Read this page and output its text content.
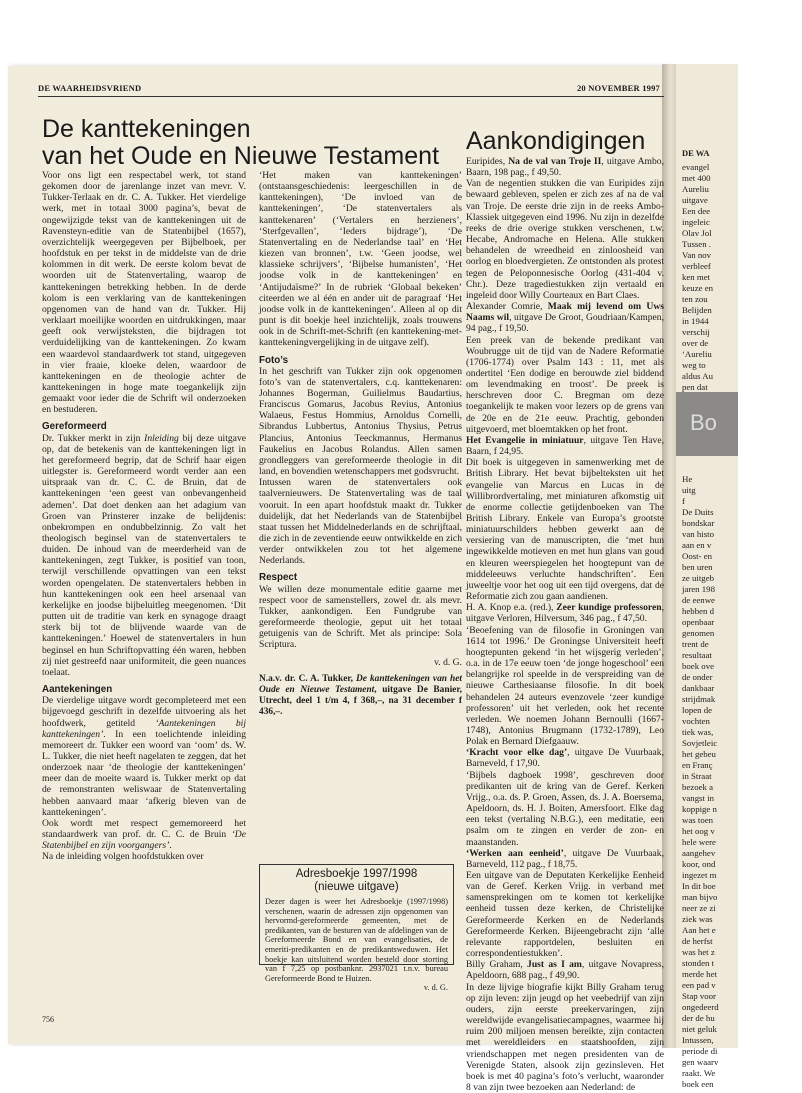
DE WAARHEIDSVRIEND	20 NOVEMBER 1997
De kanttekeningen
van het Oude en Nieuwe Testament

Voor ons ligt een respectabel werk, tot stand gekomen door de jarenlange inzet van mevr. V. Tukker-Terlaak en dr. C. A. Tukker. Het vierdelige werk, met in totaal 3000 pagina’s, bevat de ongewijzigde tekst van de kanttekeningen uit de Ravensteyn-editie van de Statenbijbel (1657), overzichtelijk weergegeven per Bijbelboek, per hoofdstuk en per tekst in de middelste van de drie kolommen in dit werk. De eerste kolom bevat de woorden uit de Statenvertaling, waarop de kanttekeningen betrekking hebben. In de derde kolom is een verklaring van de kanttekeningen opgenomen van de hand van dr. Tukker. Hij verklaart moeilijke woorden en uitdrukkingen, maar geeft ook verwijsteksten, die bijdragen tot verduidelijking van de kanttekeningen. Zo kwam een waardevol standaardwerk tot stand, uitgegeven in vier fraaie, kloeke delen, waardoor de kanttekeningen en de theologie achter de kanttekeningen in hoge mate toegankelijk zijn gemaakt voor ieder die de Schrift wil onderzoeken en bestuderen.

Gereformeerd

Dr. Tukker merkt in zijn Inleiding bij deze uitgave op, dat de betekenis van de kanttekeningen ligt in het gereformeerd begrip, dat de Schrif haar eigen uitlegster is. Gereformeerd wordt verder aan een uitspraak van dr. C. C. de Bruin, dat de kanttekeningen ‘een geest van onbevangenheid ademen’. Dat doet denken aan het adagium van Groen van Prinsterer inzake de belijdenis: onbekrompen en ondubbelzinnig. Zo valt het theologisch beginsel van de statenvertalers te duiden. De inhoud van de meerderheid van de kanttekeningen, zegt Tukker, is positief van toon, terwijl verschillende opvattingen van een tekst worden opengelaten. De statenvertalers hebben in hun kanttekeningen ook een heel arsenaal van kerkelijke en joodse bijbeluitleg meegenomen. ‘Dit putten uit de traditie van kerk en synagoge draagt sterk bij tot de blijvende waarde van de kanttekeningen.’ Hoewel de statenvertalers in hun beginsel en hun Schriftopvatting één waren, hebben zij niet gestreefd naar uniformiteit, die geen nuances toelaat.

Aantekeningen

De vierdelige uitgave wordt gecompleteerd met een bijgevoegd geschrift in dezelfde uitvoering als het hoofdwerk, getiteld ‘Aantekeningen bij kanttekeningen’. In een toelichtende inleiding memoreert dr. Tukker een woord van ‘oom’ ds. W. L. Tukker, die niet heeft nagelaten te zeggen, dat het onderzoek naar ‘de theologie der kanttekeningen’ meer dan de moeite waard is. Tukker merkt op dat de remonstranten weliswaar de Statenvertaling hebben aanvaard maar ‘afkerig bleven van de kanttekeningen’.

Ook wordt met respect gememoreerd het standaardwerk van prof. dr. C. C. de Bruin ‘De Statenbijbel en zijn voorgangers’.

Na de inleiding volgen hoofdstukken over

‘Het maken van kanttekeningen’ (ontstaansgeschiedenis: leergeschillen in de kanttekeningen), ‘De invloed van de kanttekeningen’, ‘De statenvertalers als kanttekenaren’ (‘Vertalers en herzieners’, ‘Sterfgevallen’, ‘Ieders bijdrage’), ‘De Statenvertaling en de Nederlandse taal’ en ‘Het kiezen van bronnen’, t.w. ‘Geen joodse, wel klassieke schrijvers’, ‘Bijbelse humanisten’, ‘Het joodse volk in de kanttekeningen’ en ‘Antijudaïsme?’ In de rubriek ‘Globaal bekeken’ citeerden we al één en ander uit de paragraaf ‘Het joodse volk in de kanttekeningen’. Alleen al op dit punt is dit boekje heel inzichtelijk, zoals trouwens ook in de Schrift-met-Schrift (en kanttekening-met-kanttekeningvergelijking in de uitgave zelf).

Foto’s

In het geschrift van Tukker zijn ook opgenomen foto’s van de statenvertalers, c.q. kanttekenaren: Johannes Bogerman, Guilielmus Baudartius, Franciscus Gomarus, Jacobus Revius, Antonius Walaeus, Festus Hommius, Arnoldus Cornelli, Sibrandus Lubbertus, Antonius Thysius, Petrus Plancius, Antonius Teeckmannus, Hermanus Faukelius en Jacobus Rolandus. Allen samen grondleggers van gereformeerde theologie in dit land, en bovendien wetenschappers met godsvrucht.

Intussen waren de statenvertalers ook taalvernieuwers. De Statenvertaling was de taal vooruit. In een apart hoofdstuk maakt dr. Tukker duidelijk, dat het Nederlands van de Statenbijbel staat tussen het Middelnederlands en de schrijftaal, die zich in de zeventiende eeuw ontwikkelde en zich verder ontwikkelen zou tot het algemene Nederlands.

Respect

We willen deze monumentale editie gaarne met respect voor de samenstellers, zowel dr. als mevr. Tukker, aankondigen. Een Fundgrube van gereformeerde theologie, geput uit het totaal getuigenis van de Schrift. Met als principe: Sola Scriptura.

v. d. G.

N.a.v. dr. C. A. Tukker, De kanttekeningen van het Oude en Nieuwe Testament, uitgave De Banier, Utrecht, deel 1 t/m 4, f 368,–, na 31 december f 436,–.

Adresboekje 1997/1998
(nieuwe uitgave)
Dezer dagen is weer het Adresboekje (1997/1998) verschenen, waarin de adressen zijn opgenomen van hervormd-gereformeerde gemeenten, met de predikanten, van de besturen van de afdelingen van de Gereformeerde Bond en van evangelisaties, de emeriti-predikanten en de predikantsweduwen. Het boekje kan uitsluitend worden besteld door storting van f 7,25 op postbanknr. 2937021 t.n.v. bureau Gereformeerde Bond te Huizen.
v. d. G.
Aankondigingen

Euripides, Na de val van Troje II, uitgave Ambo, Baarn, 198 pag., f 49,50.

Van de negentien stukken die van Euripides zijn bewaard gebleven, spelen er zich zes af na de val van Troje. De eerste drie zijn in de reeks Ambo-Klassiek uitgegeven eind 1996. Nu zijn in dezelfde reeks de drie overige stukken verschenen, t.w. Hecabe, Andromache en Helena. Alle stukken behandelen de wreedheid en zinloosheid van oorlog en bloedvergieten. Ze ontstonden als protest tegen de Peloponnesische Oorlog (431-404 v. Chr.). Deze tragediestukken zijn vertaald en ingeleid door Willy Courteaux en Bart Claes.

Alexander Comrie, Maak mij levend om Uws Naams wil, uitgave De Groot, Goudriaan/Kampen, 94 pag., f 19,50.

Een preek van de bekende predikant van Woubrugge uit de tijd van de Nadere Reformatie (1706-1774) over Psalm 143 : 11, met als ondertitel ‘Een dodige en berouwde ziel biddend om levendmaking en troost’. De preek is herschreven door C. Bregman om deze toegankelijk te maken voor lezers op de grens van de 20e en de 21e eeuw. Prachtig, gebonden uitgevoerd, met bloemtakken op het front.

Het Evangelie in miniatuur, uitgave Ten Have, Baarn, f 24,95.

Dit boek is uitgegeven in samenwerking met de British Library. Het bevat bijbelteksten uit het evangelie van Marcus en Lucas in de Willibrordvertaling, met miniaturen afkomstig uit de enorme collectie getijdenboeken van The British Library. Enkele van Europa’s grootste miniatuurschilders hebben gewerkt aan de versiering van de manuscripten, die ‘met hun ingewikkelde motieven en met hun glans van goud en kleuren weerspiegelen het hoogtepunt van de middeleeuws verluchte handschriften’. Een juweeltje voor het oog uit een tijd overgens, dat de Reformatie zich zou gaan aandienen.

H. A. Knop e.a. (red.), Zeer kundige professoren, uitgave Verloren, Hilversum, 346 pag., f 47,50.

‘Beoefening van de filosofie in Groningen van 1614 tot 1996.’ De Groningse Universiteit heeft hoogtepunten gekend ‘in het wijsgerig verleden’, o.a. in de 17e eeuw toen ‘de jonge hogeschool’ een belangrijke rol speelde in de verspreiding van de nieuwe Carthesiaanse filosofie. In dit boek behandelen 24 auteurs evenzovele ‘zeer kundige professoren’ uit het verleden, ook het recente verleden. We noemen Johann Bernoulli (1667-1748), Antonius Brugmann (1732-1789), Leo Polak en Bernard Diefgaauw.

‘Kracht voor elke dag’, uitgave De Vuurbaak, Barneveld, f 17,90.

‘Bijbels dagboek 1998’, geschreven door predikanten uit de kring van de Geref. Kerken Vrijg., o.a. ds. P. Groen, Assen, ds. J. A. Boersema, Apeldoorn, ds. H. J. Boiten, Amersfoort. Elke dag een tekst (vertaling N.B.G.), een meditatie, een psalm om te zingen en verder de zon- en maanstanden.

‘Werken aan eenheid’, uitgave De Vuurbaak, Barneveld, 112 pag., f 18,75.

Een uitgave van de Deputaten Kerkelijke Eenheid van de Geref. Kerken Vrijg. in verband met samensprekingen om te komen tot kerkelijke eenheid tussen deze kerken, de Christelijke Gereformeerde Kerken en de Nederlands Gereformeerde Kerken. Bijeengebracht zijn ‘alle relevante rapportdelen, besluiten en correspondentiestukken’.

Billy Graham, Just as I am, uitgave Novapress, Apeldoorn, 688 pag., f 49,90.

In deze lijvige biografie kijkt Billy Graham terug op zijn leven: zijn jeugd op het veebedrijf van zijn ouders, zijn eerste preekervaringen, zijn wereldwijde evangelisatiecampagnes, waarmee hij ruim 200 miljoen mensen bereikte, zijn contacten met wereldleiders en staatshoofden, zijn vriendschappen met negen presidenten van de Verenigde Staten, alsook zijn gezinsleven. Het boek is met 40 pagina’s foto’s verlucht, waaronder 8 van zijn twee bezoeken aan Nederland: de

756
DE WA
evangel
met 400
Aureliu
uitgave
Een dee
ingeleic
Olav Jol
Tussen .
Van nov
verbleef
ken met
keuze en
ten zou
Belijden
in 1944
verschij
over de
‘Aureliu
weg to
aldus Au
pen dat
Bo
He
uitg
f
De Duits
bondskar
van histo
aan en v
Oost- en
ben uren
ze uitgeb
jaren 198
de eenwe
hebben d
openbaar
genomen
trent de
resultaat
boek ove
de onder
dankbaar
strijdmak
lopen de
vochten
tiek was,
Sovjetleic
het gebeu
en Franç
in Straat
bezoek a
vangst in
koppige n
was toen
het oog v
hele were
aangehev
koor, ond
ingezet m
In dit boe
man bijvo
neer ze zi
ziek was
Aan het e
de herfst
was het z
stonden t
merde het
een pad v
Stap voor
ongedeerd
der de hu
niet geluk
Intussen,
periode di
gen waarv
raakt. We
boek een
